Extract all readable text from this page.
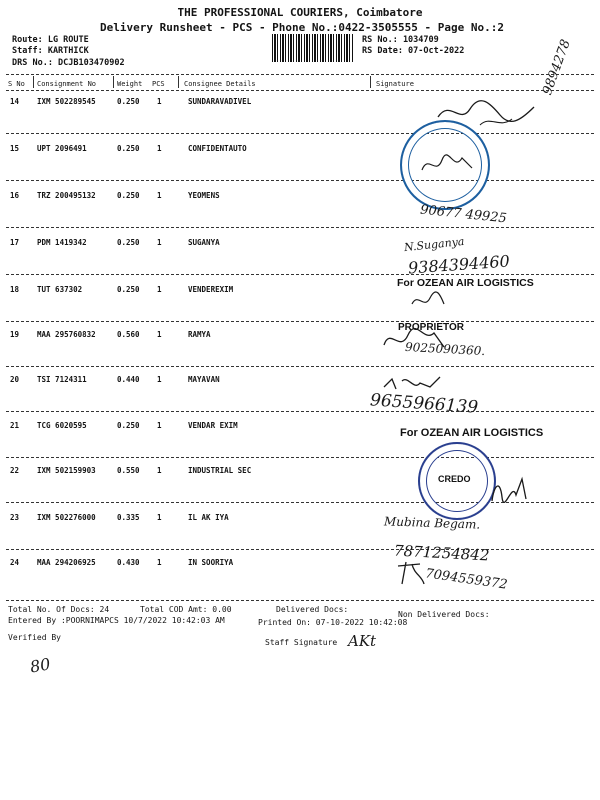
THE PROFESSIONAL COURIERS, Coimbatore
Delivery Runsheet - PCS - Phone No.:0422-3505555 - Page No.:2
Route: LG ROUTE
Staff: KARTHICK
DRS No.: DCJB103470902
RS No.: 1034709
RS Date: 07-Oct-2022
S No Consignment No	Weight PCS	Consignee Details	Signature
14 IXM 502289545	0.250 1	SUNDARAVADIVEL
15 UPT 2096491	0.250 1	CONFIDENTAUTO
16 TRZ 200495132	0.250 1	YEOMENS
17 PDM 1419342	0.250 1	SUGANYA
18 TUT 637302	0.250 1	VENDEREXIM
19 MAA 295760832	0.560 1	RAMYA
20 TSI 7124311	0.440 1	MAYAVAN
21 TCG 6020595	0.250 1	VENDAR EXIM
22 IXM 502159903	0.550 1	INDUSTRIAL SEC
23 IXM 502276000	0.335 1	IL AK IYA
24 MAA 294206925	0.430 1	IN SOORIYA
9894278
90677 49925
N.Suganya
9384394460
For OZEAN AIR LOGISTICS
PROPRIETOR
9025090360.
9655966139
For OZEAN AIR LOGISTICS
CREDO
Mubina Begam.
7871254842
7094559372
Total No. Of Docs: 24	Total COD Amt: 0.00	Delivered Docs:
Non Delivered Docs:
Entered By :POORNIMAPCS 10/7/2022 10:42:03 AM	Printed On: 07-10-2022 10:42:08
Verified By
Staff Signature AKt
80
